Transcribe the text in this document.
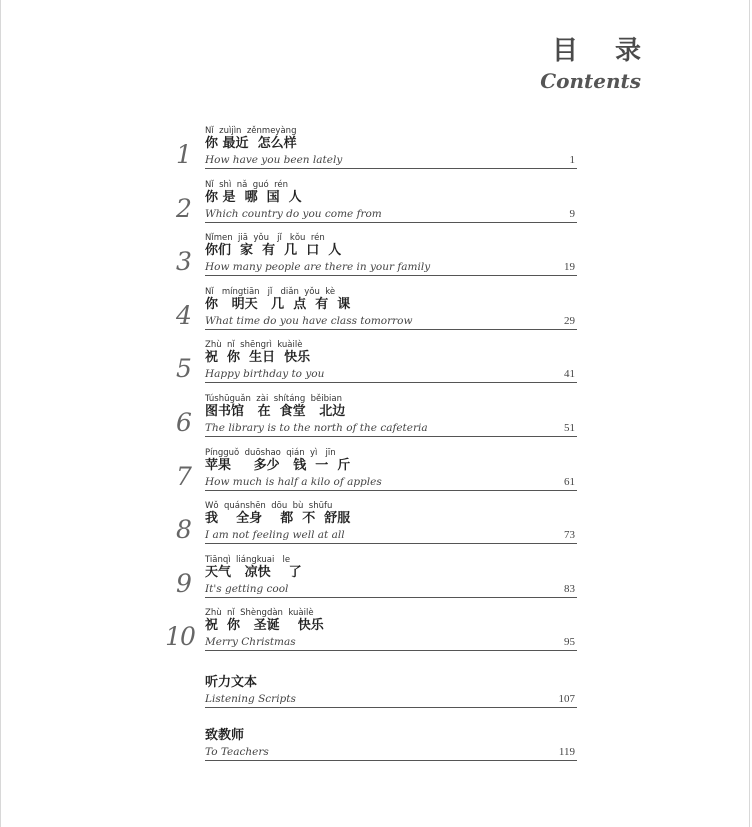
目 录
Contents
1
Nǐ  zuìjìn  zěnmeyàng
你 最近  怎么样
How have you been lately	1
2
Nǐ  shì  nǎ  guó  rén
你 是  哪  国  人
Which country do you come from	9
3
Nǐmen  jiā  yǒu   jǐ   kǒu  rén
你们  家  有  几  口  人
How many people are there in your family	19
4
Nǐ   míngtiān   jǐ   diǎn  yǒu  kè
你   明天   几  点  有  课
What time do you have class tomorrow	29
5
Zhù  nǐ  shēngrì  kuàilè
祝  你  生日  快乐
Happy birthday to you	41
6
Túshūguǎn  zài  shítáng  běibian
图书馆   在  食堂   北边
The library is to the north of the cafeteria	51
7
Píngguǒ  duōshao  qián  yì   jīn
苹果     多少   钱  一  斤
How much is half a kilo of apples	61
8
Wǒ  quánshēn  dōu  bù  shūfu
我    全身    都  不  舒服
I am not feeling well at all	73
9
Tiānqì  liángkuai   le
天气   凉快    了
It's getting cool	83
10
Zhù  nǐ  Shèngdàn  kuàilè
祝  你   圣诞    快乐
Merry Christmas	95
听力文本
Listening Scripts	107
致教师
To Teachers	119
